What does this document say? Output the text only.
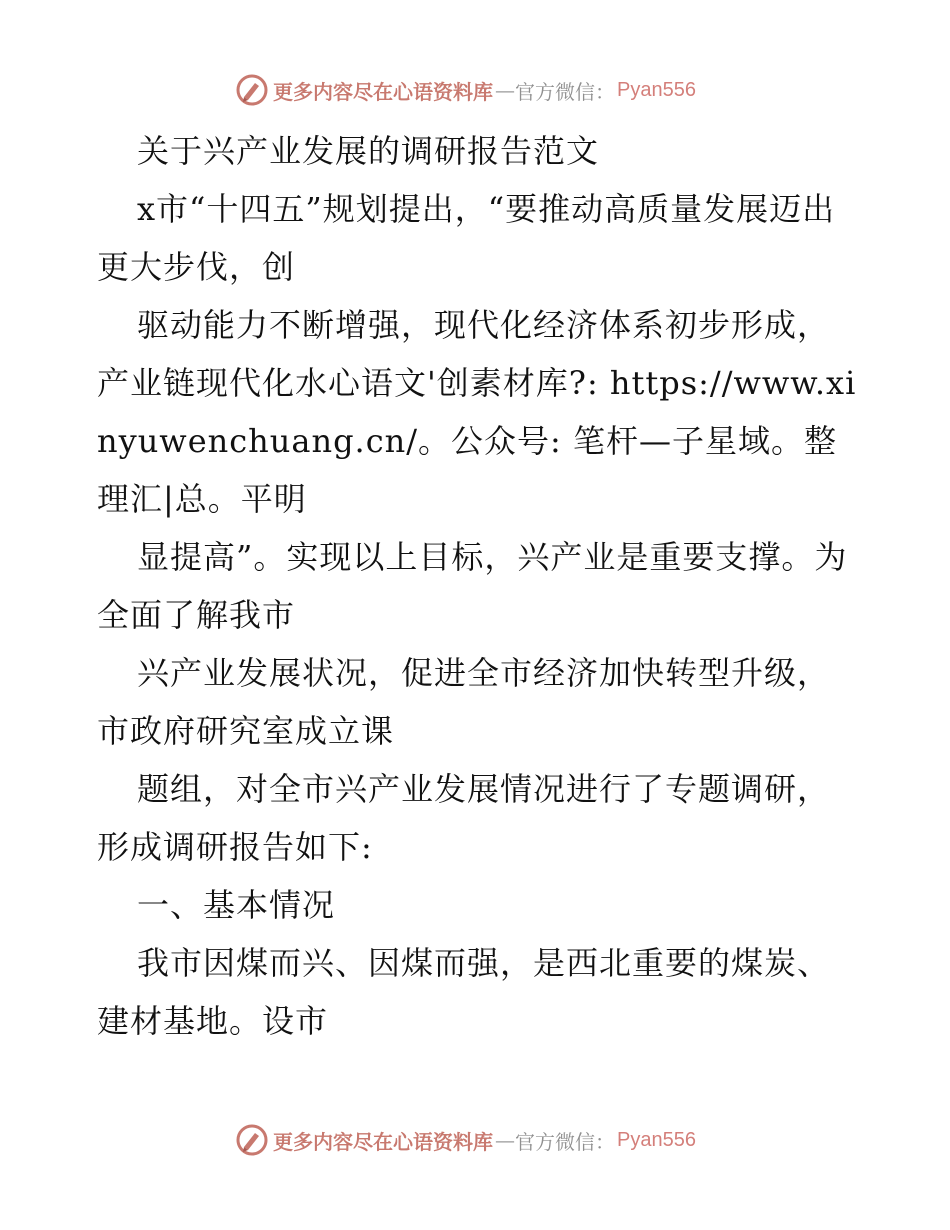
更多内容尽在心语资料库 — 官方微信： Pyan556

关于兴产业发展的调研报告范文

x市“十四五”规划提出，“要推动高质量发展迈出更大步伐，创

驱动能力不断增强，现代化经济体系初步形成，产业链现代化水心语文'创素材库?: https://www.xinyuwenchuang.cn/。公众号: 笔杆—子星域。整理汇|总。平明

显提高”。实现以上目标，兴产业是重要支撑。为全面了解我市

兴产业发展状况，促进全市经济加快转型升级，市政府研究室成立课

题组，对全市兴产业发展情况进行了专题调研，形成调研报告如下:

一、基本情况

我市因煤而兴、因煤而强，是西北重要的煤炭、建材基地。设市

更多内容尽在心语资料库 — 官方微信： Pyan556
